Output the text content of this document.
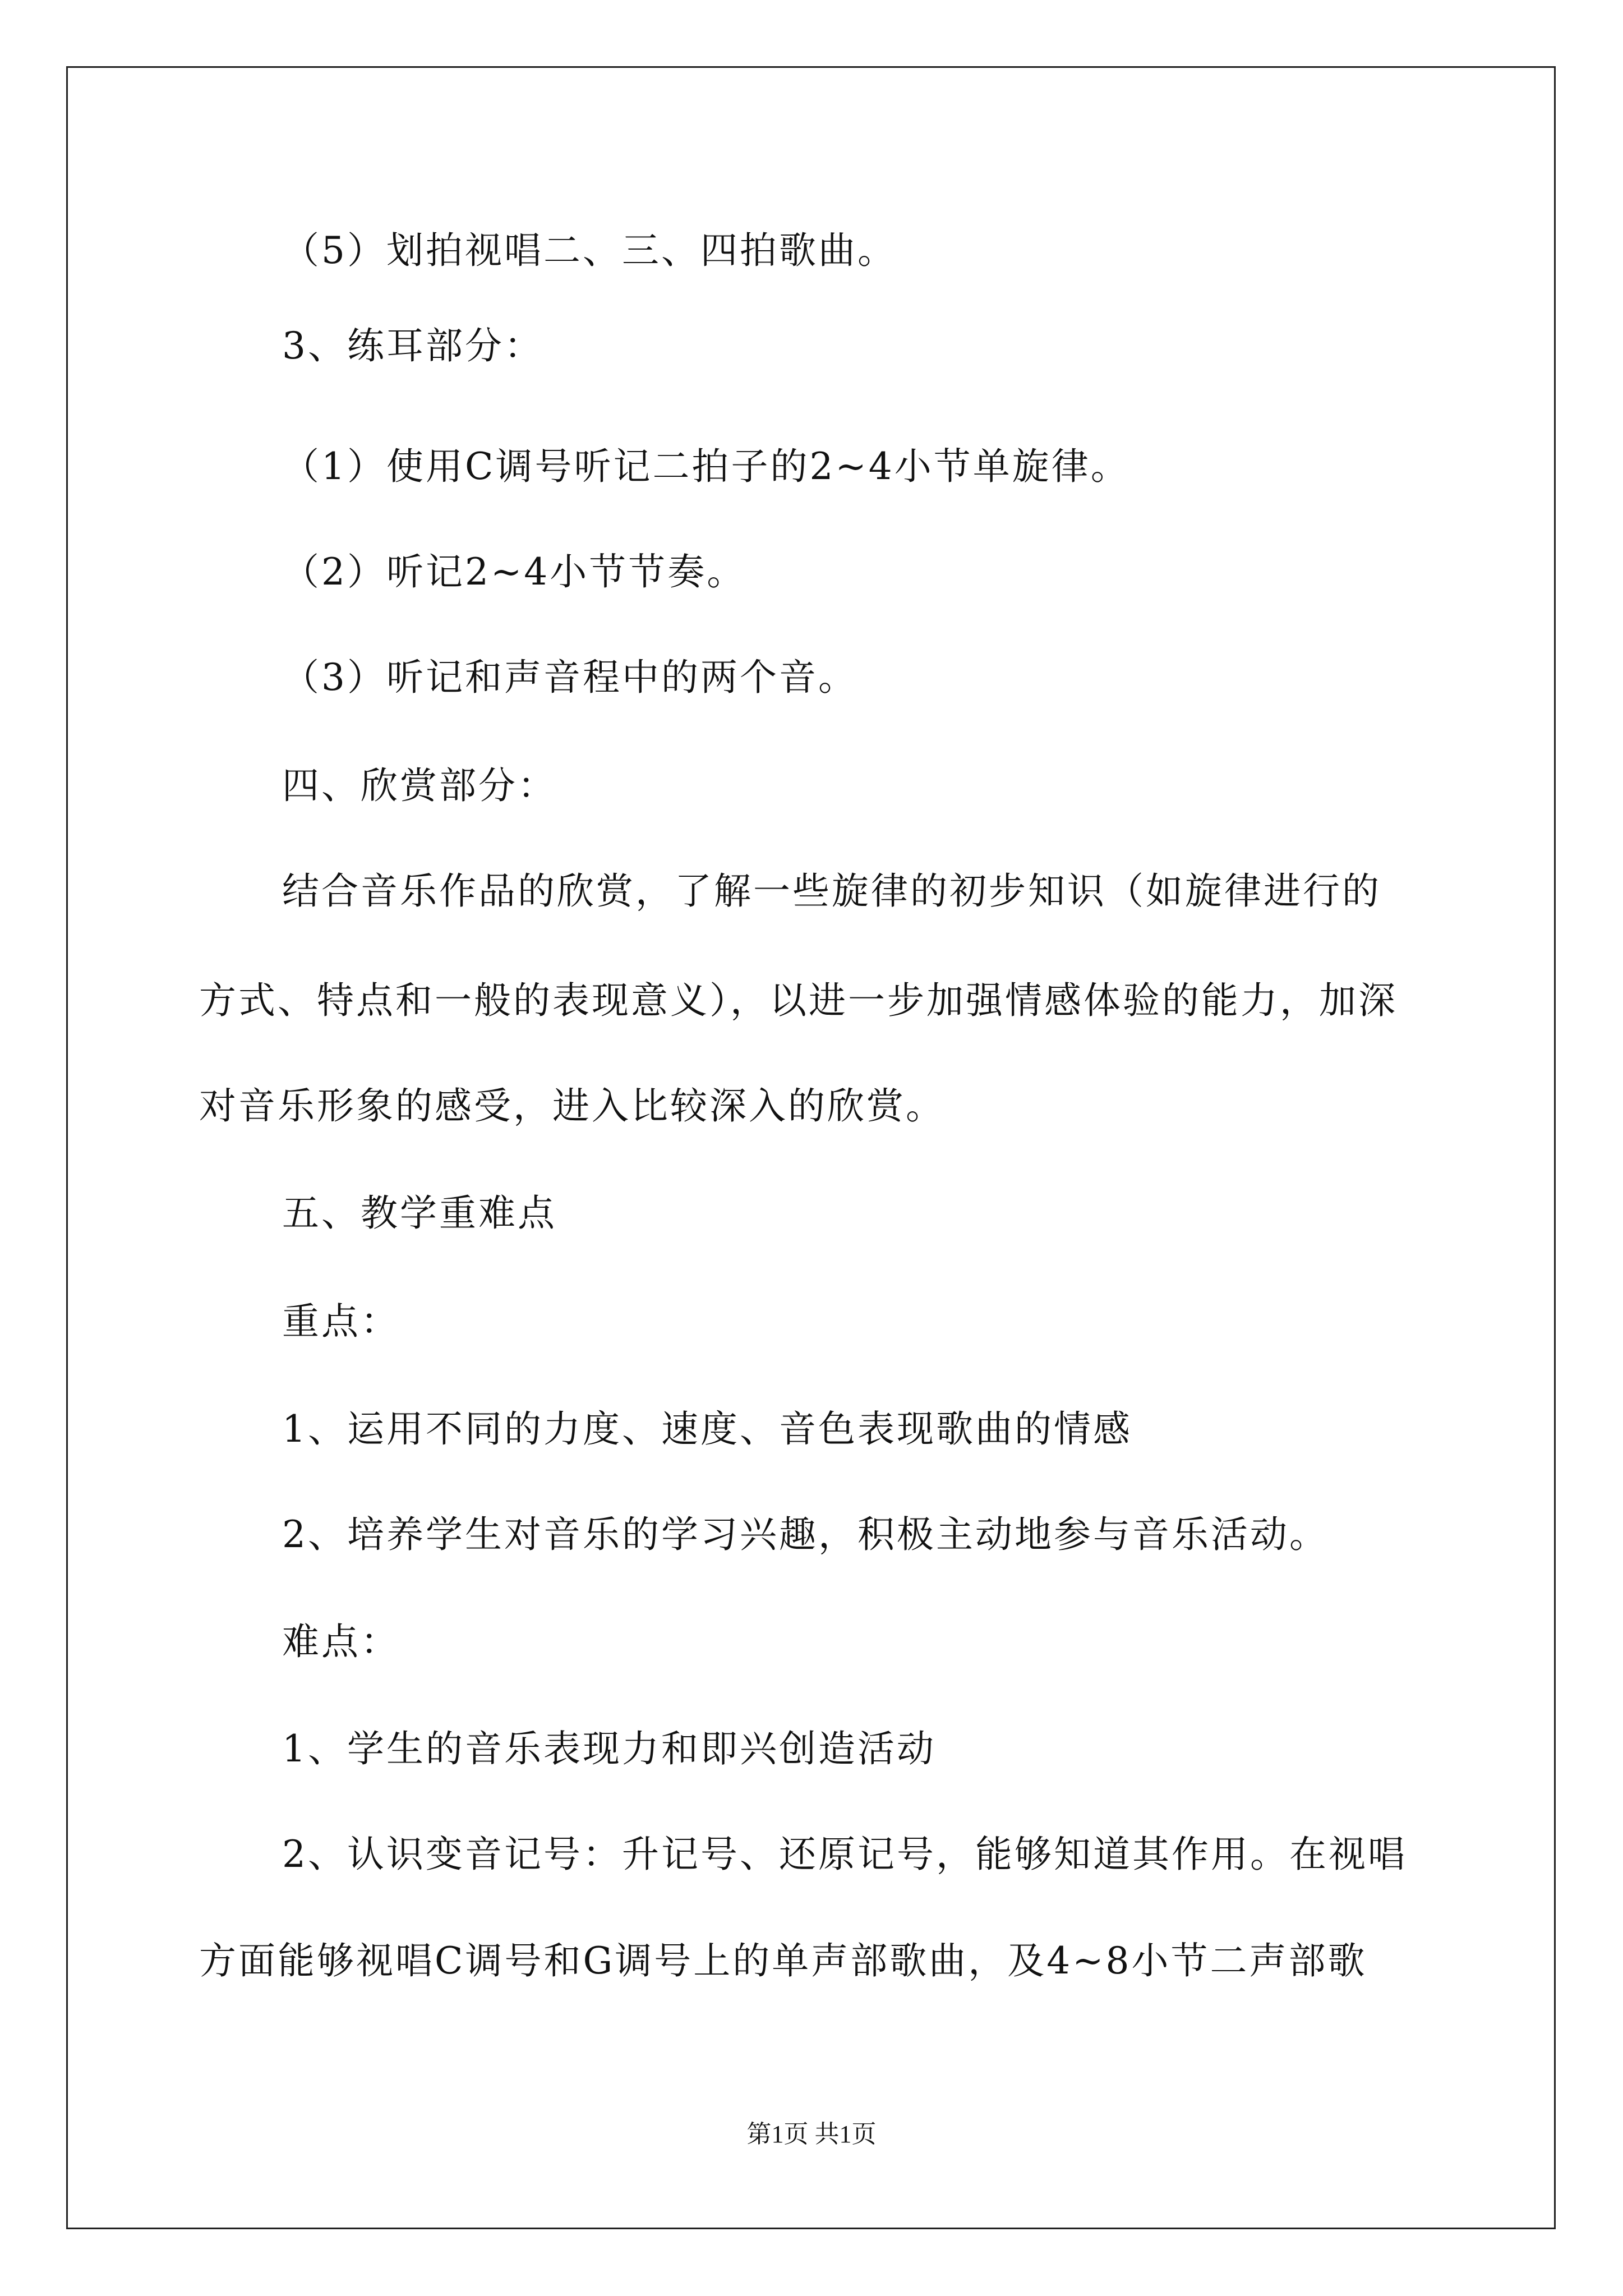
（5）划拍视唱二、三、四拍歌曲。
3、练耳部分：
（1）使用C调号听记二拍子的2~4小节单旋律。
（2）听记2~4小节节奏。
（3）听记和声音程中的两个音。
四、欣赏部分：
结合音乐作品的欣赏，了解一些旋律的初步知识（如旋律进行的
方式、特点和一般的表现意义），以进一步加强情感体验的能力，加深
对音乐形象的感受，进入比较深入的欣赏。
五、教学重难点
重点：
1、运用不同的力度、速度、音色表现歌曲的情感
2、培养学生对音乐的学习兴趣，积极主动地参与音乐活动。
难点：
1、学生的音乐表现力和即兴创造活动
2、认识变音记号：升记号、还原记号，能够知道其作用。在视唱
方面能够视唱C调号和G调号上的单声部歌曲，及4~8小节二声部歌
第1页 共1页
